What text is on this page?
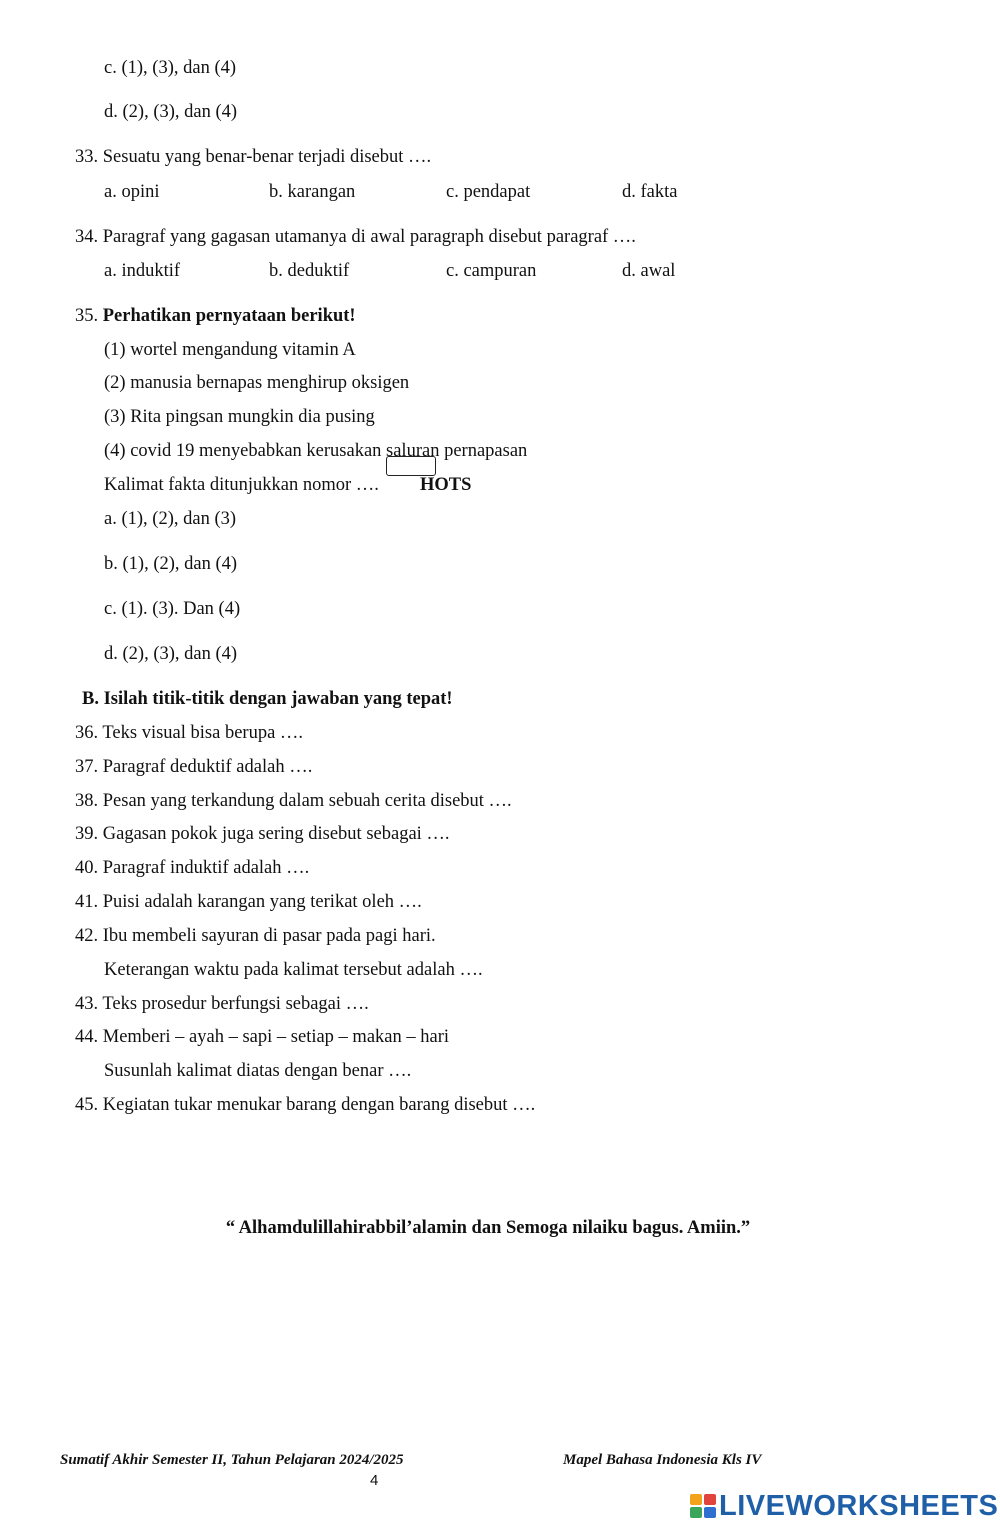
c. (1), (3), dan (4)
d. (2), (3), dan (4)
33. Sesuatu yang benar-benar terjadi disebut ….
a. opini	b. karangan	c. pendapat	d. fakta
34. Paragraf yang gagasan utamanya di awal paragraph disebut paragraf ….
a. induktif	b. deduktif	c. campuran	d. awal
35. Perhatikan pernyataan berikut!
(1) wortel mengandung vitamin A
(2) manusia bernapas menghirup oksigen
(3) Rita pingsan mungkin dia pusing
(4) covid 19 menyebabkan kerusakan saluran pernapasan
Kalimat fakta ditunjukkan nomor …. HOTS
a. (1), (2), dan (3)
b. (1), (2), dan (4)
c. (1). (3). Dan (4)
d. (2), (3), dan (4)
B. Isilah titik-titik dengan jawaban yang tepat!
36. Teks visual bisa berupa ….
37. Paragraf deduktif adalah ….
38. Pesan yang terkandung dalam sebuah cerita disebut ….
39. Gagasan pokok juga sering disebut sebagai ….
40. Paragraf induktif adalah ….
41. Puisi adalah karangan yang terikat oleh ….
42. Ibu membeli sayuran di pasar pada pagi hari.
Keterangan waktu pada kalimat tersebut adalah ….
43. Teks prosedur berfungsi sebagai ….
44. Memberi – ayah – sapi – setiap – makan – hari
Susunlah kalimat diatas dengan benar ….
45. Kegiatan tukar menukar barang dengan barang disebut ….
“ Alhamdulillahirabbil’alamin dan Semoga nilaiku bagus. Amiin.”
Sumatif Akhir Semester II, Tahun Pelajaran 2024/2025	Mapel Bahasa Indonesia Kls IV
4
LIVEWORKSHEETS
